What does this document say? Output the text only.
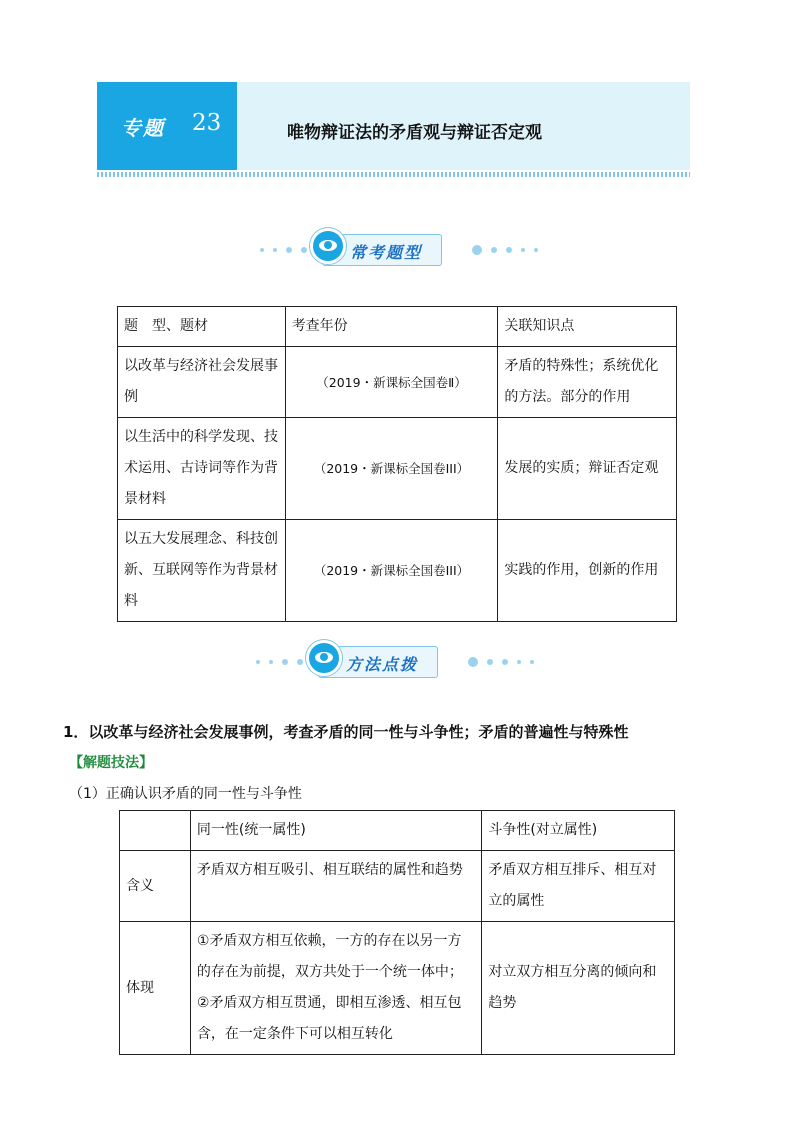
专题	23	唯物辩证法的矛盾观与辩证否定观
常考题型
题　型、题材	考查年份	关联知识点
以改革与经济社会发展事例	（2019・新课标全国卷Ⅱ）	矛盾的特殊性；系统优化的方法。部分的作用
以生活中的科学发现、技术运用、古诗词等作为背景材料	（2019・新课标全国卷III）	发展的实质；辩证否定观
以五大发展理念、科技创新、互联网等作为背景材料	（2019・新课标全国卷III）	实践的作用，创新的作用
方法点拨
1．以改革与经济社会发展事例，考查矛盾的同一性与斗争性；矛盾的普遍性与特殊性
【解题技法】
（1）正确认识矛盾的同一性与斗争性
	同一性(统一属性)	斗争性(对立属性)
含义	矛盾双方相互吸引、相互联结的属性和趋势	矛盾双方相互排斥、相互对立的属性
体现	①矛盾双方相互依赖，一方的存在以另一方的存在为前提，双方共处于一个统一体中；②矛盾双方相互贯通，即相互渗透、相互包含，在一定条件下可以相互转化	对立双方相互分离的倾向和趋势
